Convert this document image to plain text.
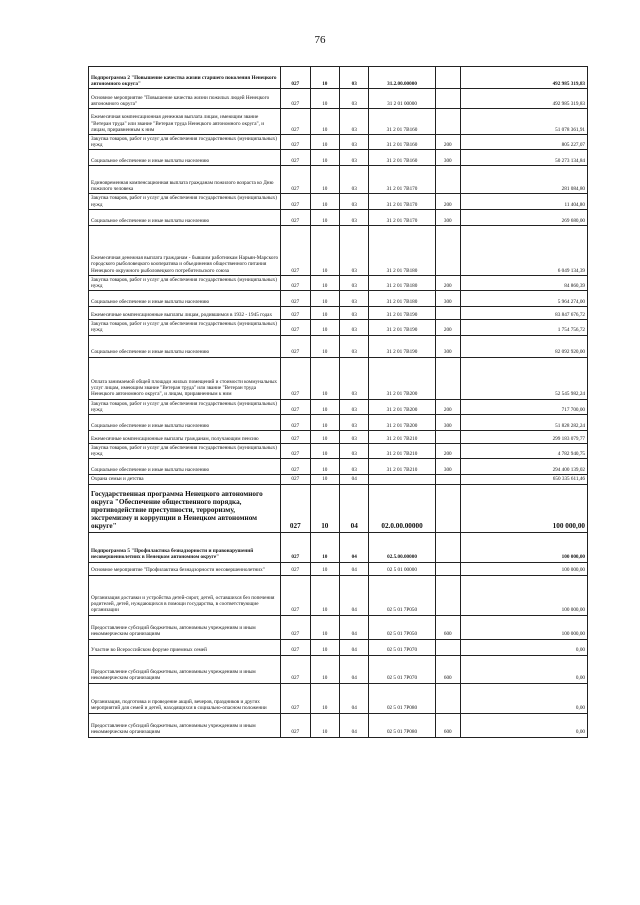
76
Подпрограмма 2 "Повышение качества жизни старшего поколения Ненецкого автономного округа"	027	10	03	31.2.00.00000		492 985 319,83

Основное мероприятие "Повышение качества жизни пожилых людей Ненецкого автономного округа"	027	10	03	31 2 01 00000		492 985 319,83

Ежемесячная компенсационная денежная выплата лицам, имеющим звание "Ветеран труда" или звание "Ветеран труда Ненецкого автономного округа", и лицам, приравненным к ним	027	10	03	31 2 01 7В160		51 078 361,91

Закупка товаров, работ и услуг для обеспечения государственных (муниципальных) нужд	027	10	03	31 2 01 7В160	200	805 227,07

Социальное обеспечение и иные выплаты населению	027	10	03	31 2 01 7В160	300	50 273 134,84

Единовременная компенсационная выплата гражданам пожилого возраста ко Дню пожилого человека	027	10	03	31 2 01 7В170		281 084,80

Закупка товаров, работ и услуг для обеспечения государственных (муниципальных) нужд	027	10	03	31 2 01 7В170	200	11 404,80

Социальное обеспечение и иные выплаты населению	027	10	03	31 2 01 7В170	300	269 680,00

Ежемесячная денежная выплата гражданам - бывшим работникам Нарьян-Марского городского рыболовецкого кооператива и объединения общественного питания Ненецкого окружного рыболовецкого потребительского союза	027	10	03	31 2 01 7В180		6 049 134,39

Закупка товаров, работ и услуг для обеспечения государственных (муниципальных) нужд	027	10	03	31 2 01 7В180	200	84 860,39

Социальное обеспечение и иные выплаты населению	027	10	03	31 2 01 7В180	300	5 964 274,00

Ежемесячные компенсационные выплаты лицам, родившимся в 1932 - 1945 годах	027	10	03	31 2 01 7В190		83 847 676,72

Закупка товаров, работ и услуг для обеспечения государственных (муниципальных) нужд	027	10	03	31 2 01 7В190	200	1 754 756,72

Социальное обеспечение и иные выплаты населению	027	10	03	31 2 01 7В190	300	82 092 920,00

Оплата занимаемой общей площади жилых помещений и стоимости коммунальных услуг лицам, имеющим звание "Ветеран труда" или звание "Ветеран труда Ненецкого автономного округа", и лицам, приравненным к ним	027	10	03	31 2 01 7В200		52 545 982,24

Закупка товаров, работ и услуг для обеспечения государственных (муниципальных) нужд	027	10	03	31 2 01 7В200	200	717 700,00

Социальное обеспечение и иные выплаты населению	027	10	03	31 2 01 7В200	300	51 828 282,24

Ежемесячные компенсационные выплаты гражданам, получающим пенсию	027	10	03	31 2 01 7В210		299 183 079,77

Закупка товаров, работ и услуг для обеспечения государственных (муниципальных) нужд	027	10	03	31 2 01 7В210	200	4 782 940,75

Социальное обеспечение и иные выплаты населению	027	10	03	31 2 01 7В210	300	294 400 139,02

Охрана семьи и детства	027	10	04			650 335 611,46

Государственная программа Ненецкого автономного округа "Обеспечение общественного порядка, противодействие преступности, терроризму, экстремизму и коррупции в Ненецком автономном округе"	027	10	04	02.0.00.00000		100 000,00

Подпрограмма 5 "Профилактика безнадзорности и правонарушений несовершеннолетних в Ненецком автономном округе"	027	10	04	02.5.00.00000		100 000,00

Основное мероприятие "Профилактика безнадзорности несовершеннолетних"	027	10	04	02 5 01 00000		100 000,00

Организация доставки и устройства детей-сирот, детей, оставшихся без попечения родителей, детей, нуждающихся в помощи государства, в соответствующие организации	027	10	04	02 5 01 7Р050		100 000,00

Предоставление субсидий бюджетным, автономным учреждениям и иным некоммерческим организациям	027	10	04	02 5 01 7Р050	600	100 000,00

Участие во Всероссийском форуме приемных семей	027	10	04	02 5 01 7Р070		0,00

Предоставление субсидий бюджетным, автономным учреждениям и иным некоммерческим организациям	027	10	04	02 5 01 7Р070	600	0,00

Организация, подготовка и проведение акций, вечеров, праздников и других мероприятий для семей и детей, находящихся в социально-опасном положении	027	10	04	02 5 01 7Р080		0,00

Предоставление субсидий бюджетным, автономным учреждениям и иным некоммерческим организациям	027	10	04	02 5 01 7Р080	600	0,00
